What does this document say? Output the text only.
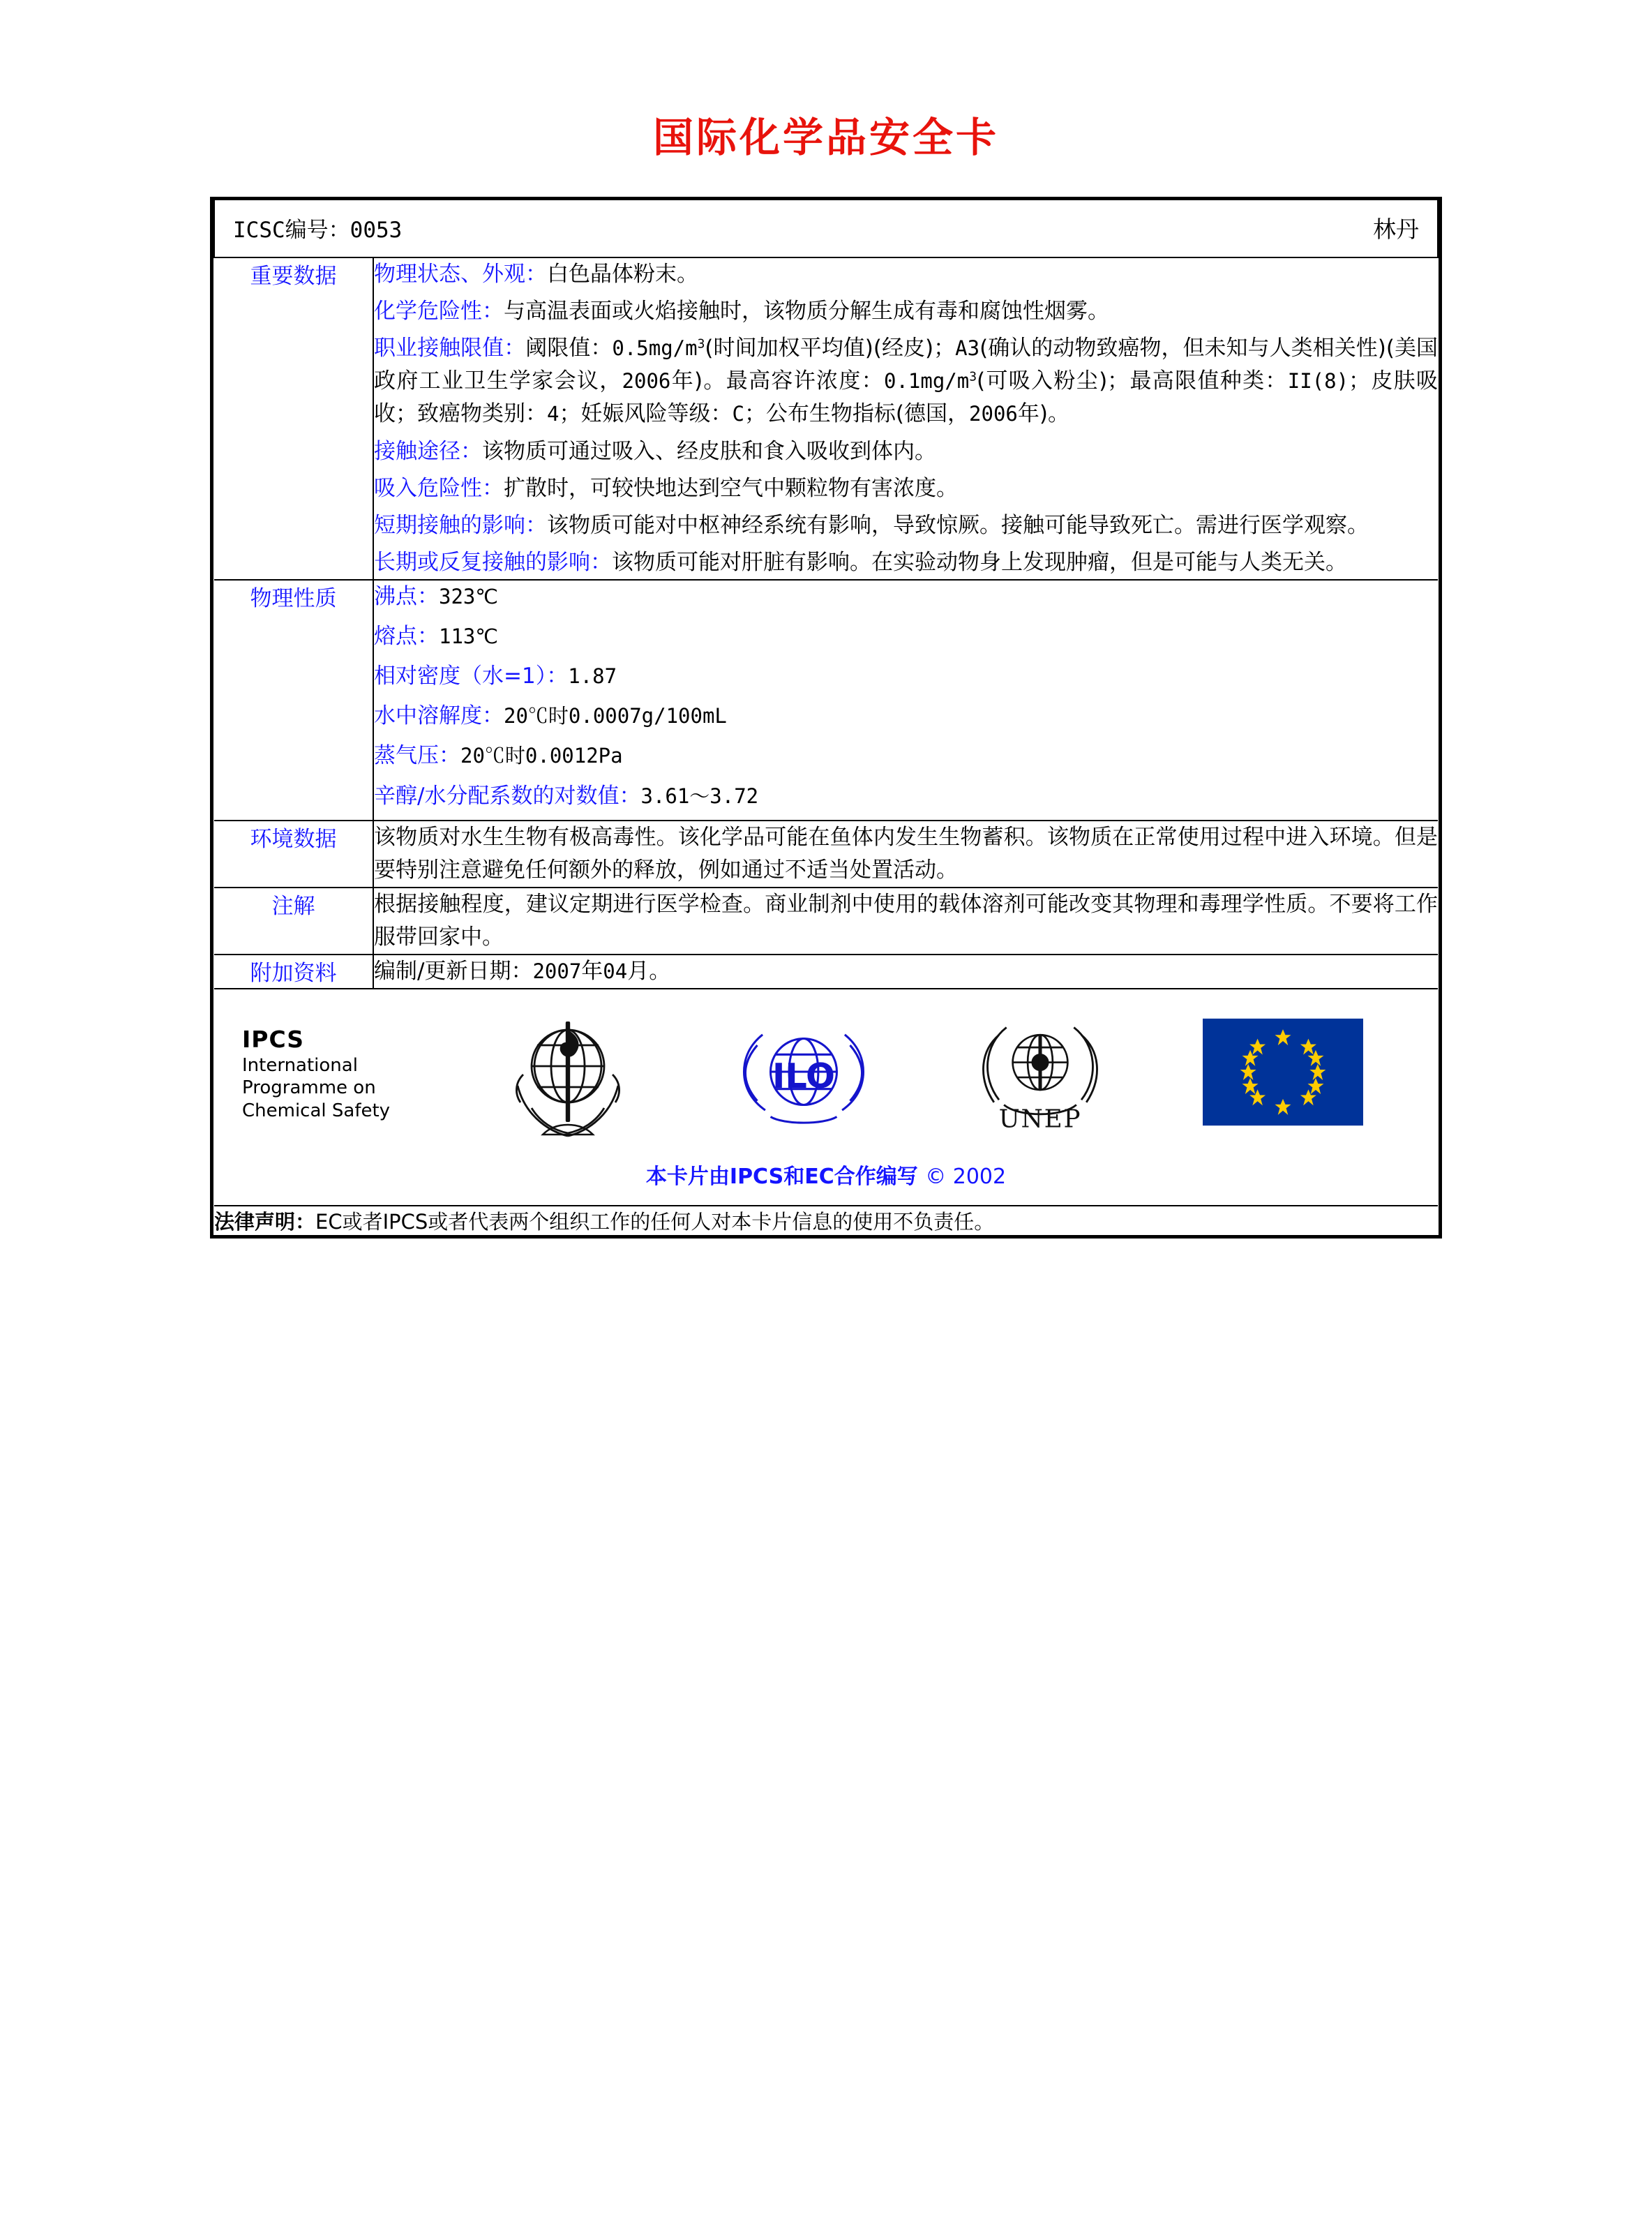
国际化学品安全卡
ICSC编号：0053 林丹	

重要数据	物理状态、外观：白色晶体粉末。

化学危险性：与高温表面或火焰接触时，该物质分解生成有毒和腐蚀性烟雾。

职业接触限值：阈限值：$0.5mg/m^3$(时间加权平均值)(经皮)；A3(确认的动物致癌物，但未知与人类相关性)(美国政府工业卫生学家会议，2006年)。最高容许浓度：$0.1mg/m^3$(可吸入粉尘)；最高限值种类：II(8)；皮肤吸收；致癌物类别：4；妊娠风险等级：C；公布生物指标(德国，2006年)。

接触途径：该物质可通过吸入、经皮肤和食入吸收到体内。

吸入危险性：扩散时，可较快地达到空气中颗粒物有害浓度。

短期接触的影响：该物质可能对中枢神经系统有影响，导致惊厥。接触可能导致死亡。需进行医学观察。

长期或反复接触的影响：该物质可能对肝脏有影响。在实验动物身上发现肿瘤，但是可能与人类无关。

物理性质	沸点：323℃

熔点：113℃

相对密度（水=1）：1.87

水中溶解度：20℃时0.0007g/100mL

蒸气压：20℃时0.0012Pa

辛醇/水分配系数的对数值：3.61～3.72

环境数据	该物质对水生生物有极高毒性。该化学品可能在鱼体内发生生物蓄积。该物质在正常使用过程中进入环境。但是要特别注意避免任何额外的释放，例如通过不适当处置活动。

注解	根据接触程度，建议定期进行医学检查。商业制剂中使用的载体溶剂可能改变其物理和毒理学性质。不要将工作服带回家中。

附加资料	编制/更新日期：2007年04月。

IPCS
International
Programme on
Chemical Safety
ILO
UNEP
本卡片由IPCS和EC合作编写 © 2002

法律声明：EC或者IPCS或者代表两个组织工作的任何人对本卡片信息的使用不负责任。	
